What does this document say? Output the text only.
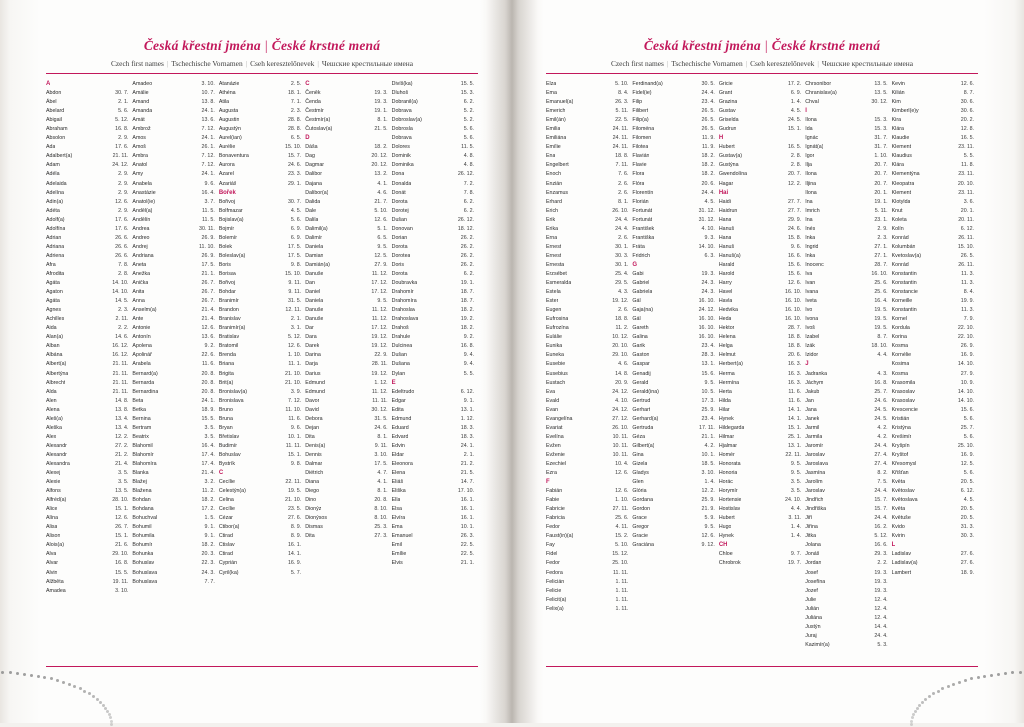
Česká křestní jména | České krstné mená
Czech first names | Tschechische Vornamen | Cseh keresztelőnevek | Чешские крестильные имена
A
Abdon	30. 7.
Ábel	2. 1.
Abelard	5. 6.
Abigail	5. 12.
Abraham	16. 8.
Absolon	2. 9.
Ada	17. 6.
Adalbert(a)	21. 11.
Adam	24. 12.
Adéla	2. 9.
Adelaida	2. 9.
Adelína	2. 9.
Adin(a)	12. 6.
Adéta	2. 9.
Adolf(a)	17. 6.
Adolfína	17. 6.
Adrian	26. 6.
Adriana	26. 6.
Adriena	26. 6.
Afra	7. 8.
Afrodita	2. 8.
Agáta	14. 10.
Agaton	14. 10.
Agáta	14. 5.
Agnes	2. 3.
Achilles	2. 11.
Aida	2. 2.
Alan(a)	14. 6.
Alban	16. 12.
Albána	16. 12.
Albert(a)	21. 11.
Albertýna	21. 11.
Albrecht	21. 11.
Alda	21. 11.
Alen	14. 8.
Alena	13. 8.
Aleš(a)	13. 4.
Aleška	13. 4.
Alex	12. 2.
Alexandr	27. 2.
Alexandr	21. 2.
Alexandra	21. 4.
Alexej	3. 5.
Alexie	3. 5.
Alfons	13. 5.
Alfréd(a)	28. 10.
Alice	15. 1.
Alína	12. 6.
Alisa	26. 7.
Alison	15. 1.
Alois(a)	21. 6.
Alva	29. 10.
Alvar	16. 8.
Alvin	15. 5.
Alžběta	19. 11.
Amadea	3. 10.
Amadeo	3. 10.
Amálie	10. 7.
Amand	13. 8.
Amanda	24. 1.
Amát	13. 6.
Ambrož	7. 12.
Amos	24. 1.
Amoš	26. 1.
Ambra	7. 12.
Anatol	7. 12.
Amy	24. 1.
Anabela	9. 6.
Anastázie	16. 4.
Anatol(ie)	3. 7.
Anděl(a)	11. 5.
Andělín	11. 5.
Andrea	30. 11.
Andreo	26. 9.
Andrej	11. 10.
Andriana	26. 9.
Aneta	17. 5.
Anežka	21. 1.
Anička	26. 7.
Anita	26. 7.
Anna	26. 7.
Anselm(a)	21. 4.
Ante	21. 4.
Antonie	12. 6.
Antonín	13. 6.
Apolena	9. 2.
Apolinář	22. 6.
Arabela	11. 6.
Bernard(a)	20. 8.
Bernarda	20. 8.
Bernardina	20. 8.
Beta	24. 1.
Betka	18. 9.
Bernina	15. 5.
Bertram	3. 5.
Beatrix	3. 5.
Blahomil	16. 4.
Blahomír	17. 4.
Blahomíra	17. 4.
Blanka	21. 4.
Blažej	3. 2.
Blažena	11. 2.
Bohdan	18. 2.
Bohdana	17. 2.
Bohuchval	1. 5.
Bohumil	9. 1.
Bohumila	9. 1.
Bohumír	18. 2.
Bohunka	20. 3.
Bohuslav	22. 3.
Bohuslava	24. 3.
Bohuslava	7. 7.
Atanázie	2. 5.
Athéna	18. 1.
Atila	7. 1.
Augusta	2. 3.
Augustin	28. 8.
Augustýn	28. 8.
Aurel(ian)	6. 5.
Aurélie	15. 10.
Bonaventura	15. 7.
Aurora	24. 6.
Azarel	23. 3.
Azariáš	29. 1.
Bořek
Bořivoj	30. 7.
Bolfmazar	4. 5.
Bojislav(a)	5. 6.
Bojmír	6. 9.
Bolemír	6. 9.
Bolek	17. 5.
Boleslav(a)	17. 5.
Boris	9. 8.
Borisav	15. 10.
Bořivoj	9. 11.
Bohdar	9. 11.
Branimír	31. 5.
Brandon	12. 11.
Branislav	2. 1.
Branimír(a)	3. 1.
Bratislav	5. 12.
Bratomil	12. 6.
Brenda	1. 10.
Briana	11. 1.
Brigita	21. 10.
Brit(a)	21. 10.
Bronislav(a)	3. 9.
Bronislava	7. 12.
Bruno	11. 10.
Bruna	11. 6.
Bryan	9. 6.
Břetislav	10. 1.
Budimír	11. 11.
Bohuslav	15. 1.
Bystrík	9. 8.
C
Cecílie	22. 11.
Celestýn(a)	19. 5.
Celina	21. 10.
Cecílie	23. 5.
Cézar	27. 6.
Ctibor(a)	8. 9.
Ctirad	8. 9.
Ctislav	16. 1.
Ctirad	14. 1.
Cyprián	16. 9.
Cyril(ka)	5. 7.
Č
Čeněk	19. 3.
Čenda	19. 3.
Čestmír	19. 1.
Čestmír(a)	8. 1.
Čutoslav(a)	21. 5.
D
Dáša	18. 2.
Dag	20. 12.
Dagmar	20. 12.
Dalibor	13. 2.
Dajana	4. 1.
Dalibor(a)	4. 6.
Dalida	21. 7.
Dale	5. 10.
Dalila	12. 6.
Dalimil(a)	5. 1.
Dalimír	6. 5.
Daniela	9. 5.
Damian	12. 5.
Damián(a)	27. 9.
Danuše	11. 12.
Dan	17. 12.
Daniel	17. 12.
Daniela	9. 5.
Danuše	11. 12.
Danuše	11. 12.
Dar	17. 12.
Dara	19. 12.
Darek	19. 12.
Darina	22. 9.
Darja	28. 11.
Darius	19. 12.
Edmund	1. 12.
Edmund	11. 12.
Davor	11. 11.
David	30. 12.
Debora	31. 5.
Dejan	24. 6.
Dita	8. 1.
Denis(a)	9. 11.
Dennis	3. 10.
Dalmar	17. 5.
Diétrich	4. 7.
Diana	4. 1.
Diego	8. 1.
Dino	20. 8.
Dionýz	8. 10.
Dionýsos	8. 10.
Dismas	25. 3.
Dita	27. 3.
Divíš(ka)	15. 5.
Dluhoš	15. 3.
Dobranil(a)	6. 2.
Dobrava	5. 2.
Dobroslav(a)	5. 2.
Dobrosla	5. 6.
Dobrava	5. 6.
Dolores	11. 5.
Dominik	4. 8.
Dominika	4. 8.
Dona	26. 12.
Donalda	7. 2.
Donát	7. 8.
Dorota	6. 2.
Dorotej	6. 2.
Dušan	26. 12.
Donovan	18. 12.
Dorian	26. 2.
Dorota	26. 2.
Dorotea	26. 2.
Doris	26. 2.
Dorota	6. 2.
Doubravka	19. 1.
Drahomír	18. 7.
Drahomíra	18. 7.
Drahoslav	18. 2.
Drahoslava	19. 2.
Drahoš	18. 2.
Drahule	9. 2.
Dulcinea	16. 8.
Dušan	9. 4.
Dušana	9. 4.
Dylan	5. 5.
E
Edeltrudo	6. 12.
Edgar	9. 1.
Edita	13. 1.
Edmund	1. 12.
Eduard	18. 3.
Edvard	18. 3.
Edvin	24. 1.
Eldar	2. 1.
Eleonora	21. 2.
Elena	21. 5.
Eliáš	14. 7.
Eliška	17. 10.
Ella	16. 1.
Elsa	16. 1.
Elvíra	16. 1.
Ema	10. 1.
Emanuel	26. 3.
Emil	22. 5.
Emílie	22. 5.
Elvis	21. 1.
Česká křestní jména | České krstné mená
Czech first names | Tschechische Vornamen | Cseh keresztelőnevek | Чешские крестильные имена
Elza	5. 10.
Ema	8. 4.
Emanuel(a)	26. 3.
Emerich	5. 11.
Emil(án)	22. 5.
Emilia	24. 11.
Emiliána	24. 11.
Emílie	24. 11.
Ena	18. 8.
Engelbert	7. 11.
Enoch	7. 6.
Enzián	2. 6.
Enzamus	2. 6.
Erhard	8. 1.
Erich	26. 10.
Erik	24. 4.
Erika	24. 4.
Erna	2. 6.
Ernest	30. 1.
Ernest	30. 3.
Ernesta	30. 1.
Erzsébet	25. 4.
Esmeralda	29. 5.
Estela	4. 3.
Ester	19. 12.
Eugen	2. 6.
Eufrosina	18. 8.
Eufrozína	11. 2.
Eulálie	10. 12.
Eunika	20. 10.
Euneka	29. 10.
Eusebie	4. 6.
Eusebius	14. 8.
Eustach	20. 9.
Eva	24. 12.
Evald	4. 10.
Evan	24. 12.
Evangelína	27. 12.
Evariat	26. 10.
Evelína	10. 11.
Evžen	10. 11.
Evženie	10. 11.
Ezechiel	10. 4.
Ezra	12. 6.
F
Fabián	12. 6.
Fabie	1. 10.
Fabricie	27. 11.
Fabricia	25. 6.
Fedor	4. 11.
Faust(in)(a)	15. 2.
Fay	5. 10.
Fidel	15. 12.
Fedor	25. 10.
Fedora	11. 11.
Felicián	1. 11.
Felicie	1. 11.
Felicit(a)	1. 11.
Felix(a)	1. 11.
Ferdinand(a)	30. 5.
Fidel(ie)	24. 4.
Filip	23. 4.
Filibert	26. 5.
Filip(a)	26. 5.
Filoména	26. 5.
Filomen	11. 9.
Filotea	11. 9.
Flavián	18. 2.
Flavie	18. 2.
Flora	18. 2.
Flóra	20. 6.
Florentín	24. 4.
Florián	4. 5.
Fortunát	31. 12.
Fortunát	31. 12.
František	4. 10.
Františka	9. 3.
Fráta	14. 10.
Fridrich	6. 3.
G
Gabi	19. 3.
Gabriel	24. 3.
Gabriela	24. 3.
Gál	16. 10.
Gaja(na)	24. 12.
Gál	16. 10.
Gareth	16. 10.
Galina	16. 10.
Garik	23. 4.
Gaston	28. 3.
Gaspar	13. 1.
Genadij	15. 6.
Gerald	9. 5.
Gerald(ina)	10. 5.
Gertrud	17. 3.
Gerhart	25. 9.
Gerhard(a)	23. 4.
Gertruda	17. 11.
Géza	21. 1.
Gilbert(a)	4. 2.
Gina	10. 1.
Gizela	18. 5.
Gladys	3. 10.
Glen	1. 4.
Glória	12. 2.
Gordana	25. 9.
Gordon	21. 9.
Grace	5. 9.
Gregor	9. 5.
Gracie	12. 6.
Graciána	9. 12.
Gricie	17. 2.
Grant	6. 9.
Grazina	1. 4.
Gustav	4. 5.
Griselda	24. 5.
Gudrun	15. 1.
H
Hubert	16. 5.
Gustav(a)	2. 8.
Gustýna	2. 8.
Gwendolína	20. 7.
Hagar	12. 2.
Hai
Haidi	27. 7.
Haidrun	27. 7.
Hana	29. 9.
Hanuš	24. 6.
Hana	15. 8.
Hanuš	9. 6.
Hanuš(a)	16. 6.
Harald	15. 6.
Harold	15. 6.
Harry	12. 6.
Havel	16. 10.
Havla	16. 10.
Hedvika	16. 10.
Heda	16. 10.
Hektor	28. 7.
Helena	18. 8.
Helga	18. 8.
Helmut	20. 6.
Herbert(a)	16. 3.
Herma	16. 3.
Hermína	16. 3.
Herta	11. 6.
Hilda	11. 6.
Hilar	14. 1.
Hynek	14. 1.
Hildegarda	15. 1.
Hilmar	25. 1.
Hjalmar	13. 1.
Homér	22. 11.
Honorata	9. 5.
Honoria	9. 5.
Horác	3. 5.
Horymír	3. 5.
Hortensie	24. 10.
Hostislav	4. 4.
Hubert	3. 11.
Hugo	1. 4.
Hynek	1. 4.
CH
Chloe	9. 7.
Chrobrok	19. 7.
Chrsonibor	13. 5.
Chranislav(a)	13. 5.
Chval	30. 12.
I
Ilona	15. 3.
Ida	15. 3.
Ignác	31. 7.
Ignát(a)	31. 7.
Igor	1. 10.
Ilja	20. 7.
Ilona	20. 7.
Iljina	20. 7.
Ilona	20. 1.
Ina	19. 1.
Imrich	5. 11.
Ina	23. 1.
Inés	2. 9.
Inka	2. 3.
Ingrid	27. 1.
Inka	27. 1.
Inocenc	28. 7.
Iva	16. 10.
Ivan	25. 6.
Ivana	25. 6.
Iveta	16. 4.
Ivo	19. 5.
Ivona	19. 5.
Ivoš	19. 5.
Izabel	8. 7.
Izák	18. 10.
Izidor	4. 4.
J
Jadranka	4. 3.
Jáchym	16. 8.
Jakub	25. 7.
Jan	24. 6.
Jana	24. 5.
Janek	24. 5.
Jarmil	4. 2.
Jarmila	4. 2.
Jaromír	24. 4.
Jaroslav	27. 4.
Jaroslava	27. 4.
Jasmína	8. 2.
Jarolím	7. 5.
Jaroslav	24. 4.
Jindřich	15. 7.
Jindřiška	15. 7.
Jiří	24. 4.
Jiřina	16. 2.
Jitka	5. 12.
Jolana	16. 6.
Jonáš	29. 3.
Jordan	2. 2.
Josef	19. 3.
Josefína	19. 3.
Jozef	19. 3.
Julie	12. 4.
Julián	12. 4.
Juliána	12. 4.
Justýn	14. 4.
Juraj	24. 4.
Kazimír(a)	5. 3.
Kevin	12. 6.
Kilián	8. 7.
Kim	30. 6.
Kimberl(e)y	30. 6.
Kira	20. 2.
Klára	12. 8.
Klaudie	16. 5.
Klement	23. 11.
Klaudius	5. 5.
Klára	11. 8.
Klementýna	23. 11.
Kleopatra	20. 10.
Klement	23. 11.
Klotylda	3. 6.
Knut	20. 1.
Koleta	20. 11.
Kolín	6. 12.
Konrád	26. 11.
Kolumbán	15. 10.
Kvetoslav(a)	26. 5.
Konrád	26. 11.
Konstantin	11. 3.
Konstantin	11. 3.
Konstancie	8. 4.
Korneille	19. 9.
Konstantin	11. 3.
Kornel	7. 9.
Kordula	22. 10.
Korina	22. 10.
Kosma	26. 9.
Kornélie	16. 9.
Kosima	14. 10.
Kosma	27. 9.
Krasomila	10. 9.
Krasoslav	14. 10.
Krasoslav	14. 10.
Krescencie	15. 6.
Kristián	5. 6.
Kristýna	25. 7.
Krešimír	5. 6.
Kryšpín	25. 10.
Kryštof	16. 9.
Křesomysl	12. 5.
Křišťan	5. 6.
Květa	20. 5.
Květoslav	6. 12.
Květoslava	4. 5.
Květa	20. 5.
Květuše	20. 5.
Kvido	31. 3.
Kvirin	30. 3.
L
Ladislav	27. 6.
Ladislav(a)	27. 6.
Lambert	18. 9.
